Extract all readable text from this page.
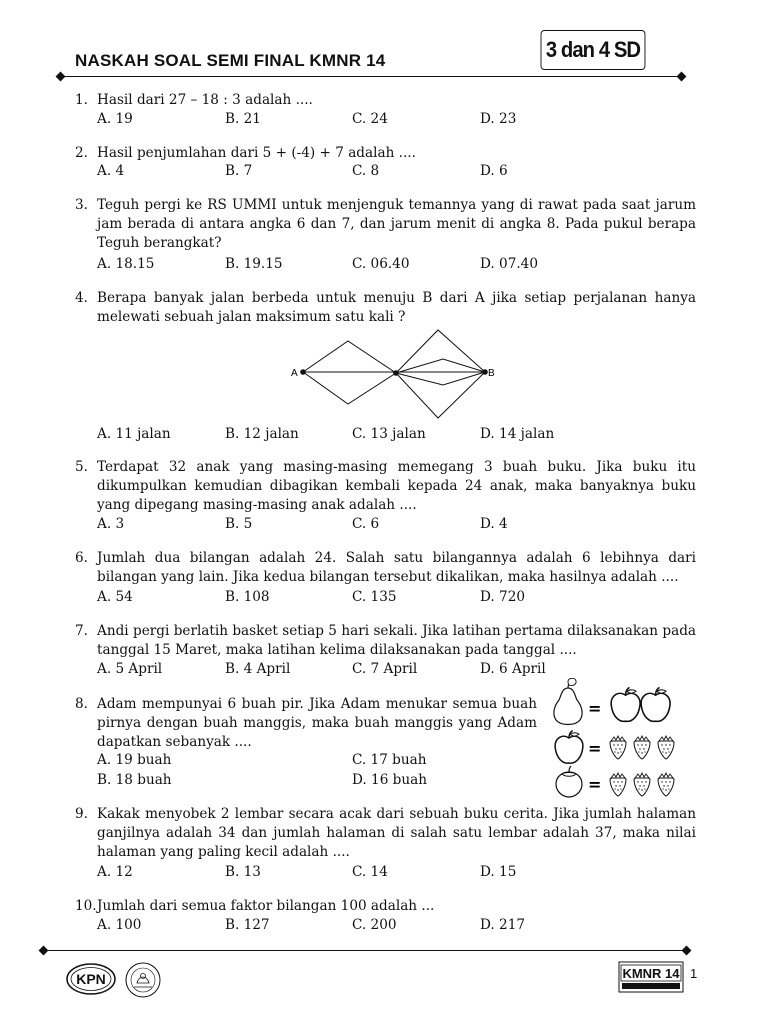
NASKAH SOAL SEMI FINAL KMNR 14	3 dan 4 SD
1. Hasil dari 27 – 18 : 3 adalah ....
A. 19	B. 21	C. 24	D. 23
2. Hasil penjumlahan dari 5 + (-4) + 7 adalah ....
A. 4	B. 7	C. 8	D. 6
3. Teguh pergi ke RS UMMI untuk menjenguk temannya yang di rawat pada saat jarum jam berada di antara angka 6 dan 7, dan jarum menit di angka 8. Pada pukul berapa Teguh berangkat?
A. 18.15	B. 19.15	C. 06.40	D. 07.40
4. Berapa banyak jalan berbeda untuk menuju B dari A jika setiap perjalanan hanya melewati sebuah jalan maksimum satu kali ?
A	B
A. 11 jalan	B. 12 jalan	C. 13 jalan	D. 14 jalan
5. Terdapat 32 anak yang masing-masing memegang 3 buah buku. Jika buku itu dikumpulkan kemudian dibagikan kembali kepada 24 anak, maka banyaknya buku yang dipegang masing-masing anak adalah ....
A. 3	B. 5	C. 6	D. 4
6. Jumlah dua bilangan adalah 24. Salah satu bilangannya adalah 6 lebihnya dari bilangan yang lain. Jika kedua bilangan tersebut dikalikan, maka hasilnya adalah ....
A. 54	B. 108	C. 135	D. 720
7. Andi pergi berlatih basket setiap 5 hari sekali. Jika latihan pertama dilaksanakan pada tanggal 15 Maret, maka latihan kelima dilaksanakan pada tanggal ....
A. 5 April	B. 4 April	C. 7 April	D. 6 April
8. Adam mempunyai 6 buah pir. Jika Adam menukar semua buah pirnya dengan buah manggis, maka buah manggis yang Adam dapatkan sebanyak ....
A. 19 buah	C. 17 buah
B. 18 buah	D. 16 buah
=
=
=
9. Kakak menyobek 2 lembar secara acak dari sebuah buku cerita. Jika jumlah halaman ganjilnya adalah 34 dan jumlah halaman di salah satu lembar adalah 37, maka nilai halaman yang paling kecil adalah ....
A. 12	B. 13	C. 14	D. 15
10. Jumlah dari semua faktor bilangan 100 adalah ...
A. 100	B. 127	C. 200	D. 217
KPN	KMNR 14 1
